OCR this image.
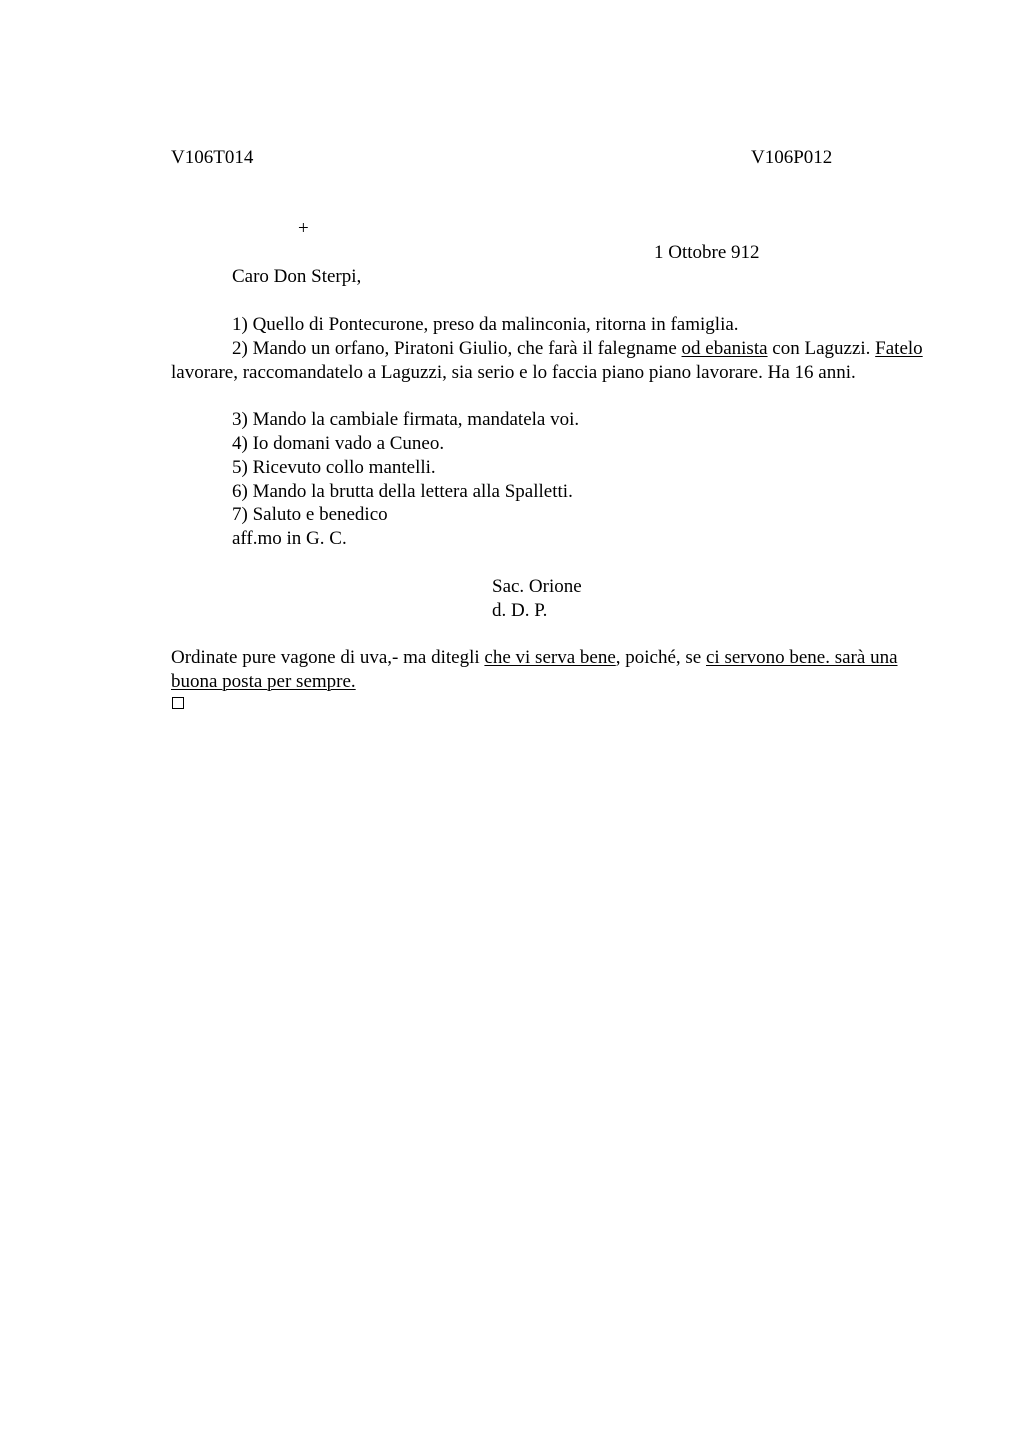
V106T014	V106P012
+
1 Ottobre 912
Caro Don Sterpi,
1) Quello di Pontecurone, preso da malinconia, ritorna in famiglia.
2) Mando un orfano, Piratoni Giulio, che farà il falegname od ebanista con Laguzzi. Fatelo lavorare, raccomandatelo a Laguzzi, sia serio e lo faccia piano piano lavorare. Ha 16 anni.
3) Mando la cambiale firmata, mandatela voi.
4) Io domani vado a Cuneo.
5) Ricevuto collo mantelli.
6) Mando la brutta della lettera alla Spalletti.
7) Saluto e benedico
aff.mo in G. C.
Sac. Orione
d. D. P.
Ordinate pure vagone di uva,- ma ditegli che vi serva bene, poiché, se ci servono bene. sarà una buona posta per sempre.
